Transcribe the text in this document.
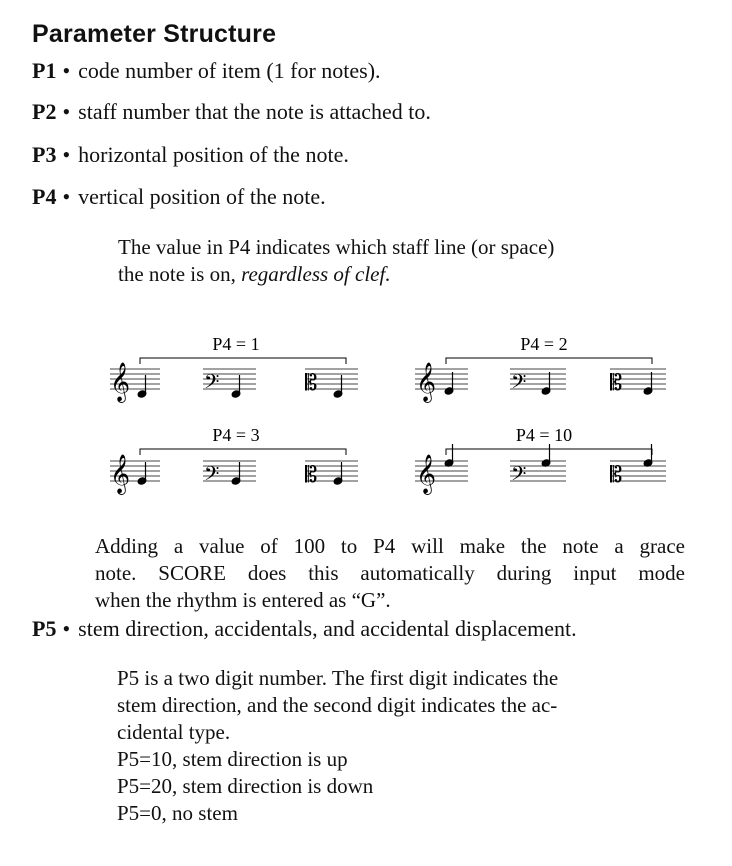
Parameter Structure
P1 • code number of item (1 for notes).
P2 • staff number that the note is attached to.
P3 • horizontal position of the note.
P4 • vertical position of the note.
The value in P4 indicates which staff line (or space)
the note is on, regardless of clef.
P4 = 1
𝄞	𝄢	𝄡
P4 = 2
𝄞	𝄢	𝄡
P4 = 3
𝄞	𝄢	𝄡
P4 = 10
𝄞	𝄢	𝄡
Adding a value of 100 to P4 will make the note a grace
note. SCORE does this automatically during input mode
when the rhythm is entered as “G”.
P5 • stem direction, accidentals, and accidental displacement.
P5 is a two digit number. The first digit indicates the
stem direction, and the second digit indicates the ac-
cidental type.
P5=10, stem direction is up
P5=20, stem direction is down
P5=0, no stem
